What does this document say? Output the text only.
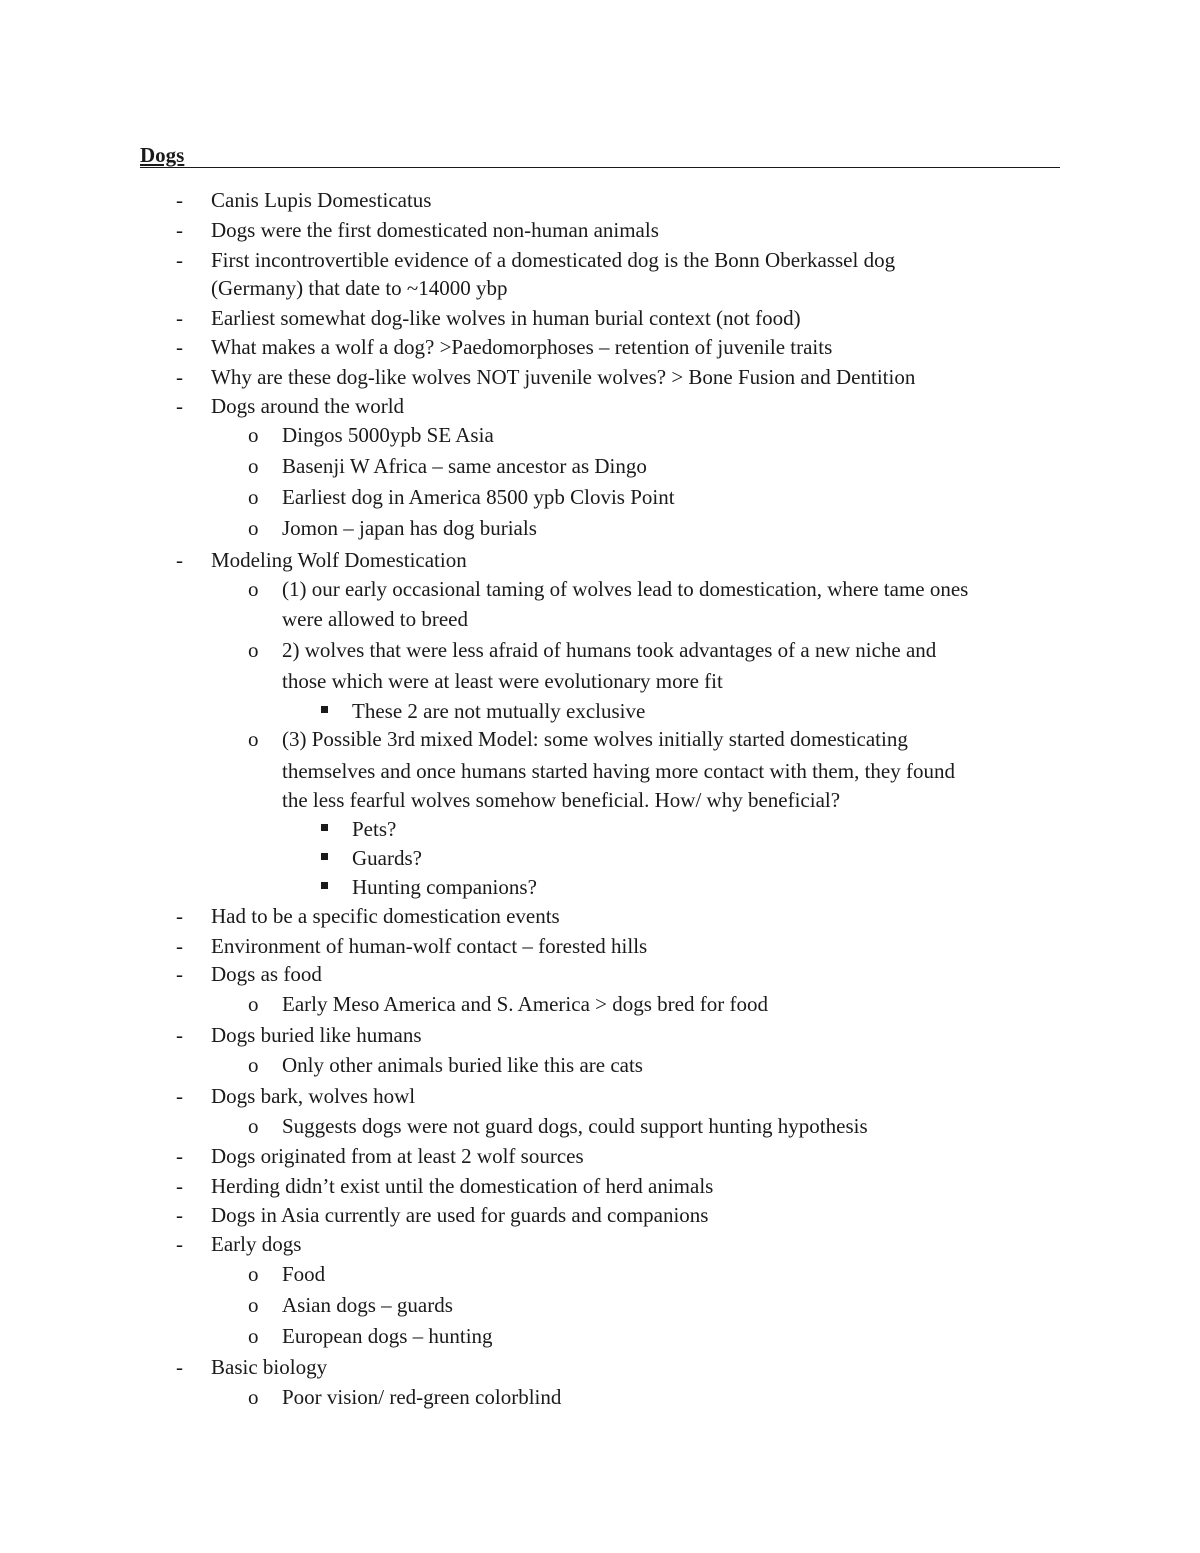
Dogs
- Canis Lupis Domesticatus
- Dogs were the first domesticated non-human animals
- First incontrovertible evidence of a domesticated dog is the Bonn Oberkassel dog
(Germany) that date to ~14000 ybp
- Earliest somewhat dog-like wolves in human burial context (not food)
- What makes a wolf a dog? >Paedomorphoses – retention of juvenile traits
- Why are these dog-like wolves NOT juvenile wolves? > Bone Fusion and Dentition
- Dogs around the world
o Dingos 5000ypb SE Asia
o Basenji W Africa – same ancestor as Dingo
o Earliest dog in America 8500 ypb Clovis Point
o Jomon – japan has dog burials
- Modeling Wolf Domestication
o (1) our early occasional taming of wolves lead to domestication, where tame ones
were allowed to breed
o 2) wolves that were less afraid of humans took advantages of a new niche and
those which were at least were evolutionary more fit
These 2 are not mutually exclusive
o (3) Possible 3rd mixed Model: some wolves initially started domesticating
themselves and once humans started having more contact with them, they found
the less fearful wolves somehow beneficial. How/ why beneficial?
Pets?
Guards?
Hunting companions?
- Had to be a specific domestication events
- Environment of human-wolf contact – forested hills
- Dogs as food
o Early Meso America and S. America > dogs bred for food
- Dogs buried like humans
o Only other animals buried like this are cats
- Dogs bark, wolves howl
o Suggests dogs were not guard dogs, could support hunting hypothesis
- Dogs originated from at least 2 wolf sources
- Herding didn’t exist until the domestication of herd animals
- Dogs in Asia currently are used for guards and companions
- Early dogs
o Food
o Asian dogs – guards
o European dogs – hunting
- Basic biology
o Poor vision/ red-green colorblind
